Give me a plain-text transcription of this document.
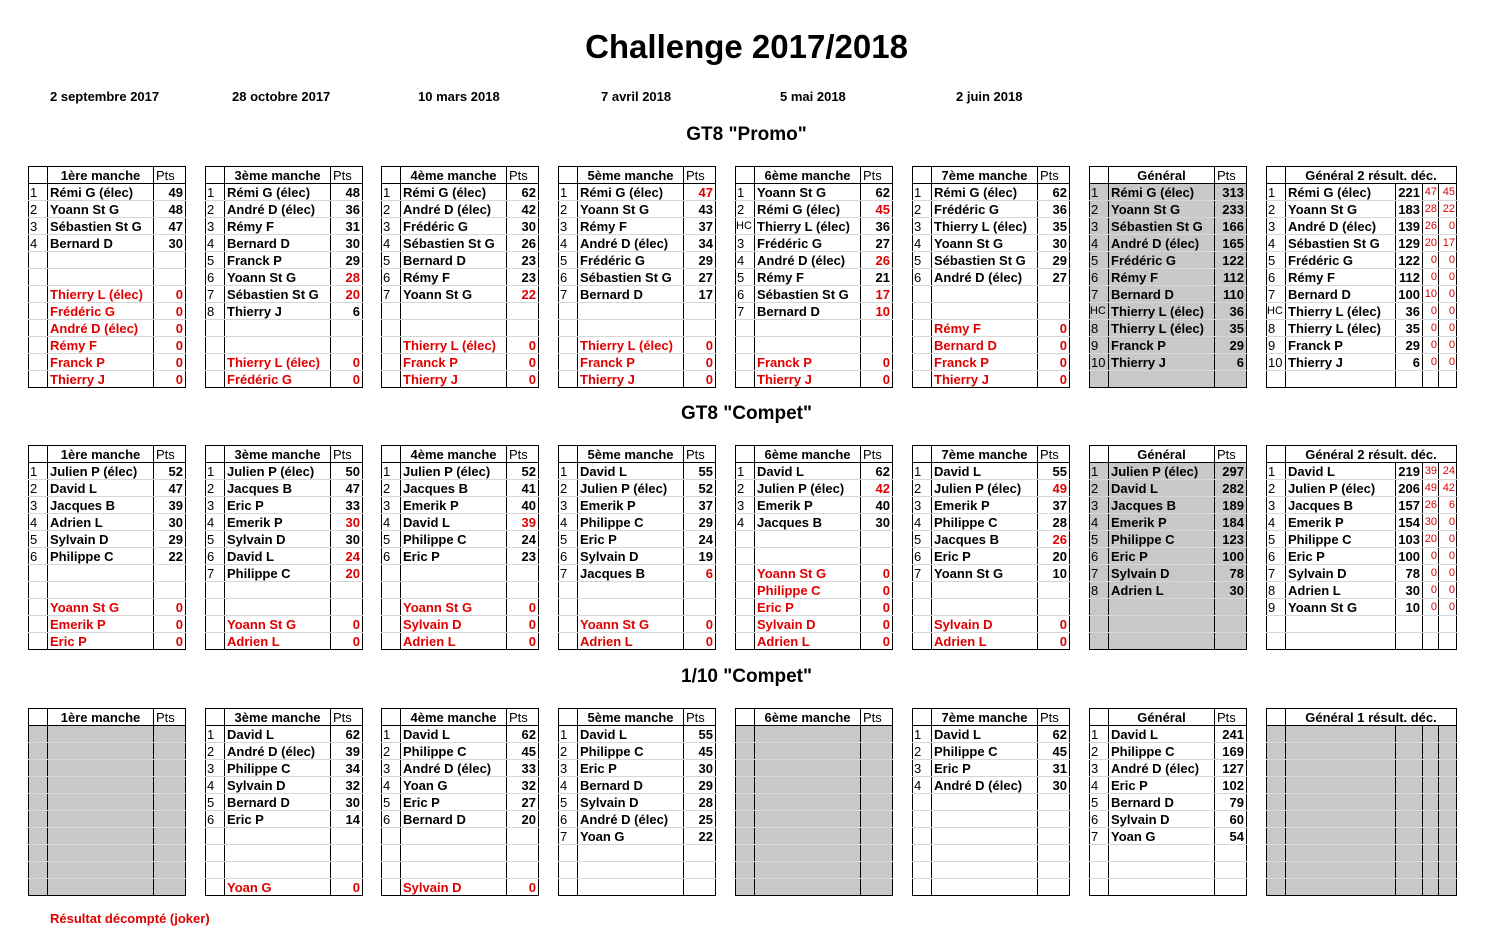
Challenge 2017/2018
2 septembre 2017	28 octobre 2017	10 mars 2018	7 avril 2018	5 mai 2018	2 juin 2018
GT8 "Promo"
GT8 "Compet"
1/10 "Compet"
	1ère manche	Pts
1	Rémi G (élec)	49
2	Yoann St G	48
3	Sébastien St G	47
4	Bernard D	30

	Thierry L (élec)	0
	Frédéric G	0
	André D (élec)	0
	Rémy F	0
	Franck P	0
	Thierry J	0
	3ème manche	Pts
1	Rémi G (élec)	48
2	André D (élec)	36
3	Rémy F	31
4	Bernard D	30
5	Franck P	29
6	Yoann St G	28
7	Sébastien St G	20
8	Thierry J	6

	Thierry L (élec)	0
	Frédéric G	0
	4ème manche	Pts
1	Rémi G (élec)	62
2	André D (élec)	42
3	Frédéric G	30
4	Sébastien St G	26
5	Bernard D	23
6	Rémy F	23
7	Yoann St G	22

	Thierry L (élec)	0
	Franck P	0
	Thierry J	0
	5ème manche	Pts
1	Rémi G (élec)	47
2	Yoann St G	43
3	Rémy F	37
4	André D (élec)	34
5	Frédéric G	29
6	Sébastien St G	27
7	Bernard D	17

	Thierry L (élec)	0
	Franck P	0
	Thierry J	0
	6ème manche	Pts
1	Yoann St G	62
2	Rémi G (élec)	45
HC	Thierry L (élec)	36
3	Frédéric G	27
4	André D (élec)	26
5	Rémy F	21
6	Sébastien St G	17
7	Bernard D	10

	Franck P	0
	Thierry J	0
	7ème manche	Pts
1	Rémi G (élec)	62
2	Frédéric G	36
3	Thierry L (élec)	35
4	Yoann St G	30
5	Sébastien St G	29
6	André D (élec)	27

	Rémy F	0
	Bernard D	0
	Franck P	0
	Thierry J	0
	Général	Pts
1	Rémi G (élec)	313
2	Yoann St G	233
3	Sébastien St G	166
4	André D (élec)	165
5	Frédéric G	122
6	Rémy F	112
7	Bernard D	110
HC	Thierry L (élec)	36
8	Thierry L (élec)	35
9	Franck P	29
10	Thierry J	6

	Général 2 résult. déc.			
1	Rémi G (élec)	221	47	45
2	Yoann St G	183	28	22
3	André D (élec)	139	26	0
4	Sébastien St G	129	20	17
5	Frédéric G	122	0	0
6	Rémy F	112	0	0
7	Bernard D	100	10	0
HC	Thierry L (élec)	36	0	0
8	Thierry L (élec)	35	0	0
9	Franck P	29	0	0
10	Thierry J	6	0	0

	1ère manche	Pts
1	Julien P (élec)	52
2	David L	47
3	Jacques B	39
4	Adrien L	30
5	Sylvain D	29
6	Philippe C	22

	Yoann St G	0
	Emerik P	0
	Eric P	0
	3ème manche	Pts
1	Julien P (élec)	50
2	Jacques B	47
3	Eric P	33
4	Emerik P	30
5	Sylvain D	30
6	David L	24
7	Philippe C	20

	Yoann St G	0
	Adrien L	0
	4ème manche	Pts
1	Julien P (élec)	52
2	Jacques B	41
3	Emerik P	40
4	David L	39
5	Philippe C	24
6	Eric P	23

	Yoann St G	0
	Sylvain D	0
	Adrien L	0
	5ème manche	Pts
1	David L	55
2	Julien P (élec)	52
3	Emerik P	37
4	Philippe C	29
5	Eric P	24
6	Sylvain D	19
7	Jacques B	6

	Yoann St G	0
	Adrien L	0
	6ème manche	Pts
1	David L	62
2	Julien P (élec)	42
3	Emerik P	40
4	Jacques B	30

	Yoann St G	0
	Philippe C	0
	Eric P	0
	Sylvain D	0
	Adrien L	0
	7ème manche	Pts
1	David L	55
2	Julien P (élec)	49
3	Emerik P	37
4	Philippe C	28
5	Jacques B	26
6	Eric P	20
7	Yoann St G	10

	Sylvain D	0
	Adrien L	0
	Général	Pts
1	Julien P (élec)	297
2	David L	282
3	Jacques B	189
4	Emerik P	184
5	Philippe C	123
6	Eric P	100
7	Sylvain D	78
8	Adrien L	30

	Général 2 résult. déc.			
1	David L	219	39	24
2	Julien P (élec)	206	49	42
3	Jacques B	157	26	6
4	Emerik P	154	30	0
5	Philippe C	103	20	0
6	Eric P	100	0	0
7	Sylvain D	78	0	0
8	Adrien L	30	0	0
9	Yoann St G	10	0	0

	1ère manche	Pts

		3ème manche	Pts
1	David L	62
2	André D (élec)	39
3	Philippe C	34
4	Sylvain D	32
5	Bernard D	30
6	Eric P	14

	Yoan G	0
	4ème manche	Pts
1	David L	62
2	Philippe C	45
3	André D (élec)	33
4	Yoan G	32
5	Eric P	27
6	Bernard D	20

	Sylvain D	0
	5ème manche	Pts
1	David L	55
2	Philippe C	45
3	Eric P	30
4	Bernard D	29
5	Sylvain D	28
6	André D (élec)	25
7	Yoan G	22

	6ème manche	Pts

		7ème manche	Pts
1	David L	62
2	Philippe C	45
3	Eric P	31
4	André D (élec)	30

	Général	Pts
1	David L	241
2	Philippe C	169
3	André D (élec)	127
4	Eric P	102
5	Bernard D	79
6	Sylvain D	60
7	Yoan G	54

	Général 1 résult. déc.			

Résultat décompté (joker)
